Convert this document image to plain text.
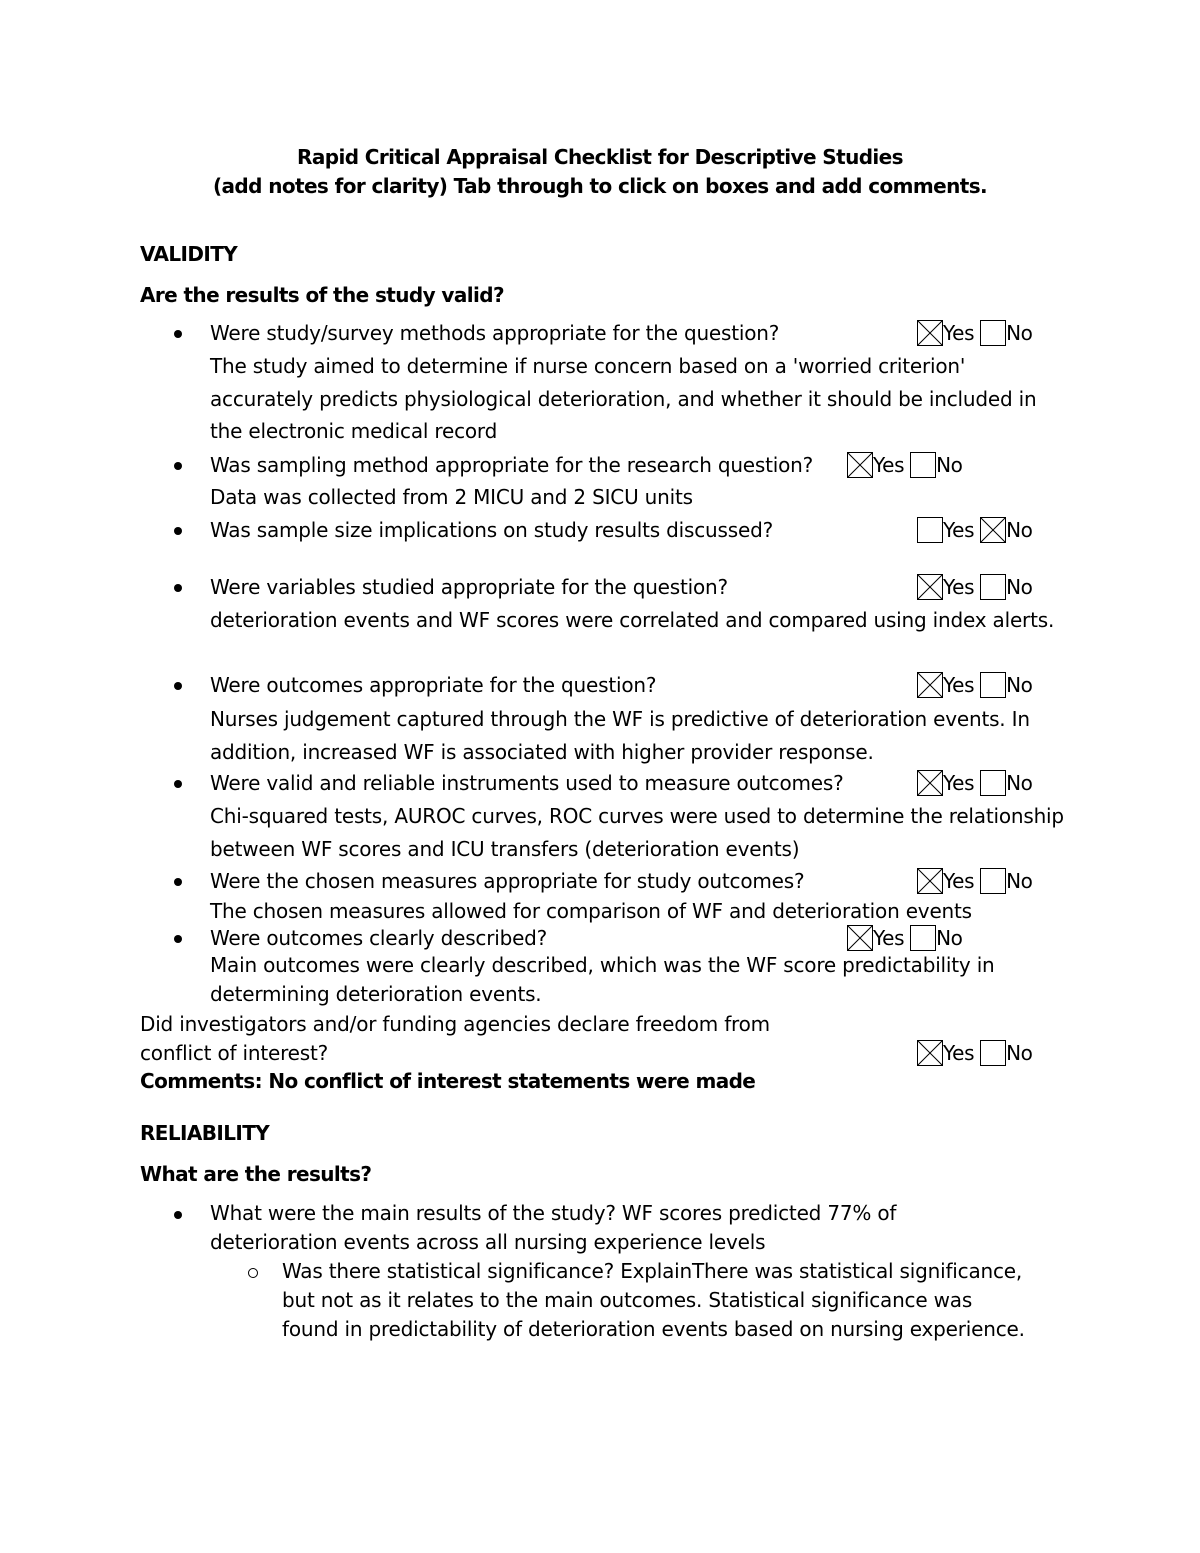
Rapid Critical Appraisal Checklist for Descriptive Studies
(add notes for clarity) Tab through to click on boxes and add comments.
VALIDITY
Are the results of the study valid?
Were study/survey methods appropriate for the question?	Yes No
The study aimed to determine if nurse concern based on a 'worried criterion' accurately predicts physiological deterioration, and whether it should be included in the electronic medical record
Was sampling method appropriate for the research question?	Yes No
Data was collected from 2 MICU and 2 SICU units
Was sample size implications on study results discussed?	Yes No
Were variables studied appropriate for the question?	Yes No
deterioration events and WF scores were correlated and compared using index alerts.
Were outcomes appropriate for the question?	Yes No
Nurses judgement captured through the WF is predictive of deterioration events. In addition, increased WF is associated with higher provider response.
Were valid and reliable instruments used to measure outcomes?	Yes No
Chi-squared tests, AUROC curves, ROC curves were used to determine the relationship between WF scores and ICU transfers (deterioration events)
Were the chosen measures appropriate for study outcomes?	Yes No
The chosen measures allowed for comparison of WF and deterioration events
Were outcomes clearly described?	Yes No
Main outcomes were clearly described, which was the WF score predictability in determining deterioration events.
Did investigators and/or funding agencies declare freedom from
conflict of interest?	Yes No
Comments: No conflict of interest statements were made
RELIABILITY
What are the results?
What were the main results of the study? WF scores predicted 77% of deterioration events across all nursing experience levels
Was there statistical significance? ExplainThere was statistical significance, but not as it relates to the main outcomes. Statistical significance was found in predictability of deterioration events based on nursing experience.
